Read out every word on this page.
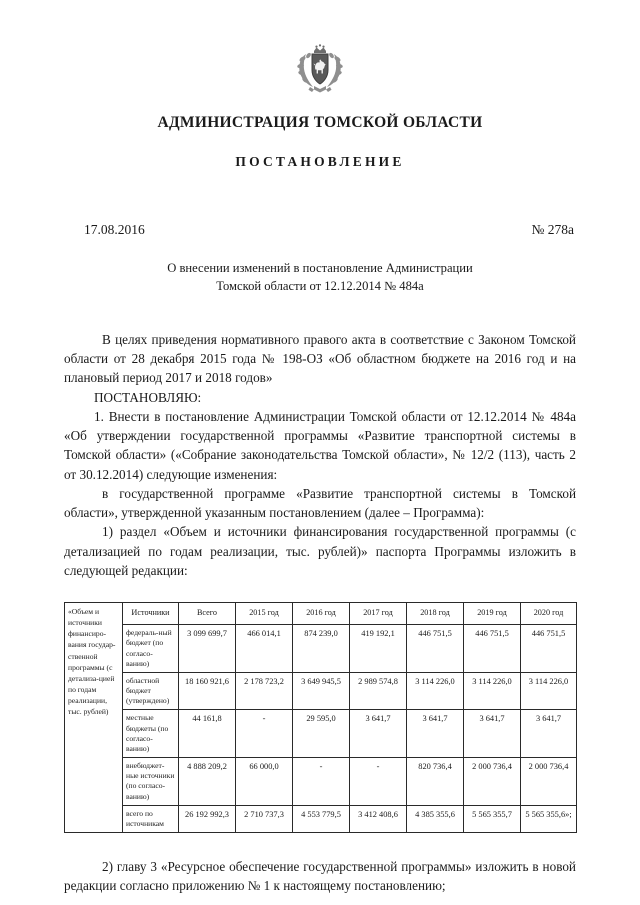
АДМИНИСТРАЦИЯ ТОМСКОЙ ОБЛАСТИ
ПОСТАНОВЛЕНИЕ
17.08.2016	№ 278а
О внесении изменений в постановление Администрации
Томской области от 12.12.2014 № 484а

В целях приведения нормативного правого акта в соответствие с Законом Томской области от 28 декабря 2015 года № 198-ОЗ «Об областном бюджете на 2016 год и на плановый период 2017 и 2018 годов»

ПОСТАНОВЛЯЮ:

1. Внести в постановление Администрации Томской области от 12.12.2014 № 484а «Об утверждении государственной программы «Развитие транспортной системы в Томской области» («Собрание законодательства Томской области», № 12/2 (113), часть 2 от 30.12.2014) следующие изменения:

в государственной программе «Развитие транспортной системы в Томской области», утвержденной указанным постановлением (далее – Программа):

1) раздел «Объем и источники финансирования государственной программы (с детализацией по годам реализации, тыс. рублей)» паспорта Программы изложить в следующей редакции:

«Объем и источники финансиро-вания государ-ственной программы (с детализа-цией по годам реализации, тыс. рублей)	Источники	Всего	2015 год	2016 год	2017 год	2018 год	2019 год	2020 год
	федераль-ный бюджет (по согласо-ванию)	3 099 699,7	466 014,1	874 239,0	419 192,1	446 751,5	446 751,5	446 751,5
	областной бюджет (утверждено)	18 160 921,6	2 178 723,2	3 649 945,5	2 989 574,8	3 114 226,0	3 114 226,0	3 114 226,0
	местные бюджеты (по согласо-ванию)	44 161,8	-	29 595,0	3 641,7	3 641,7	3 641,7	3 641,7
	внебюджет-ные источники (по согласо-ванию)	4 888 209,2	66 000,0	-	-	820 736,4	2 000 736,4	2 000 736,4
	всего по источникам	26 192 992,3	2 710 737,3	4 553 779,5	3 412 408,6	4 385 355,6	5 565 355,7	5 565 355,6»;

2) главу 3 «Ресурсное обеспечение государственной программы» изложить в новой редакции согласно приложению № 1 к настоящему постановлению;
